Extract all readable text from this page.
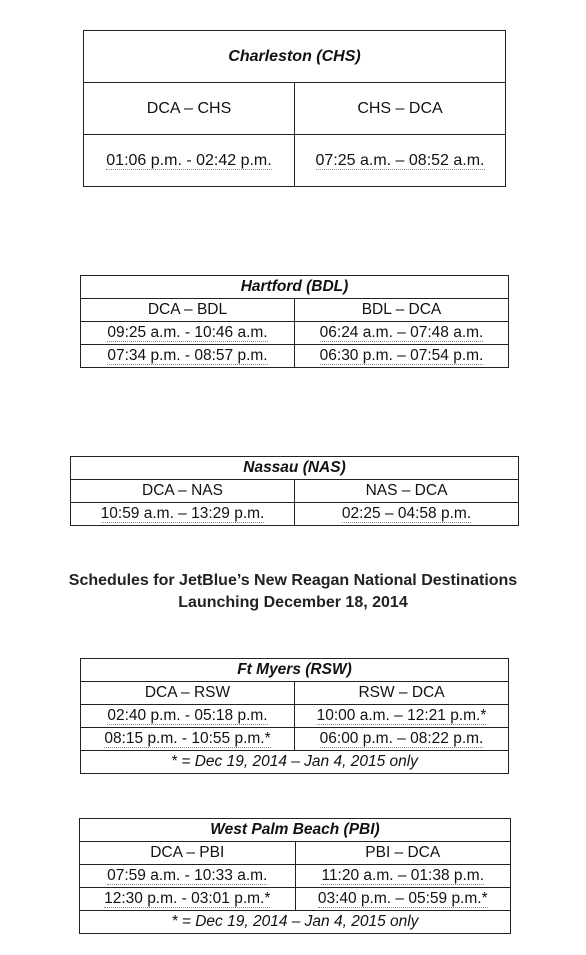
Charleston (CHS)	
DCA – CHS	CHS – DCA
01:06 p.m. - 02:42 p.m.	07:25 a.m. – 08:52 a.m.
Hartford (BDL)	
DCA – BDL	BDL – DCA
09:25 a.m. - 10:46 a.m.	06:24 a.m. – 07:48 a.m.
07:34 p.m. - 08:57 p.m.	06:30 p.m. – 07:54 p.m.
Nassau (NAS)	
DCA – NAS	NAS – DCA
10:59 a.m. – 13:29 p.m.	02:25 – 04:58 p.m.
Schedules for JetBlue’s New Reagan National Destinations
Launching December 18, 2014
Ft Myers (RSW)	
DCA – RSW	RSW – DCA
02:40 p.m. - 05:18 p.m.	10:00 a.m. – 12:21 p.m.*
08:15 p.m. - 10:55 p.m.*	06:00 p.m. – 08:22 p.m.
* = Dec 19, 2014 – Jan 4, 2015 only	
West Palm Beach (PBI)	
DCA – PBI	PBI – DCA
07:59 a.m. - 10:33 a.m.	11:20 a.m. – 01:38 p.m.
12:30 p.m. - 03:01 p.m.*	03:40 p.m. – 05:59 p.m.*
* = Dec 19, 2014 – Jan 4, 2015 only	
